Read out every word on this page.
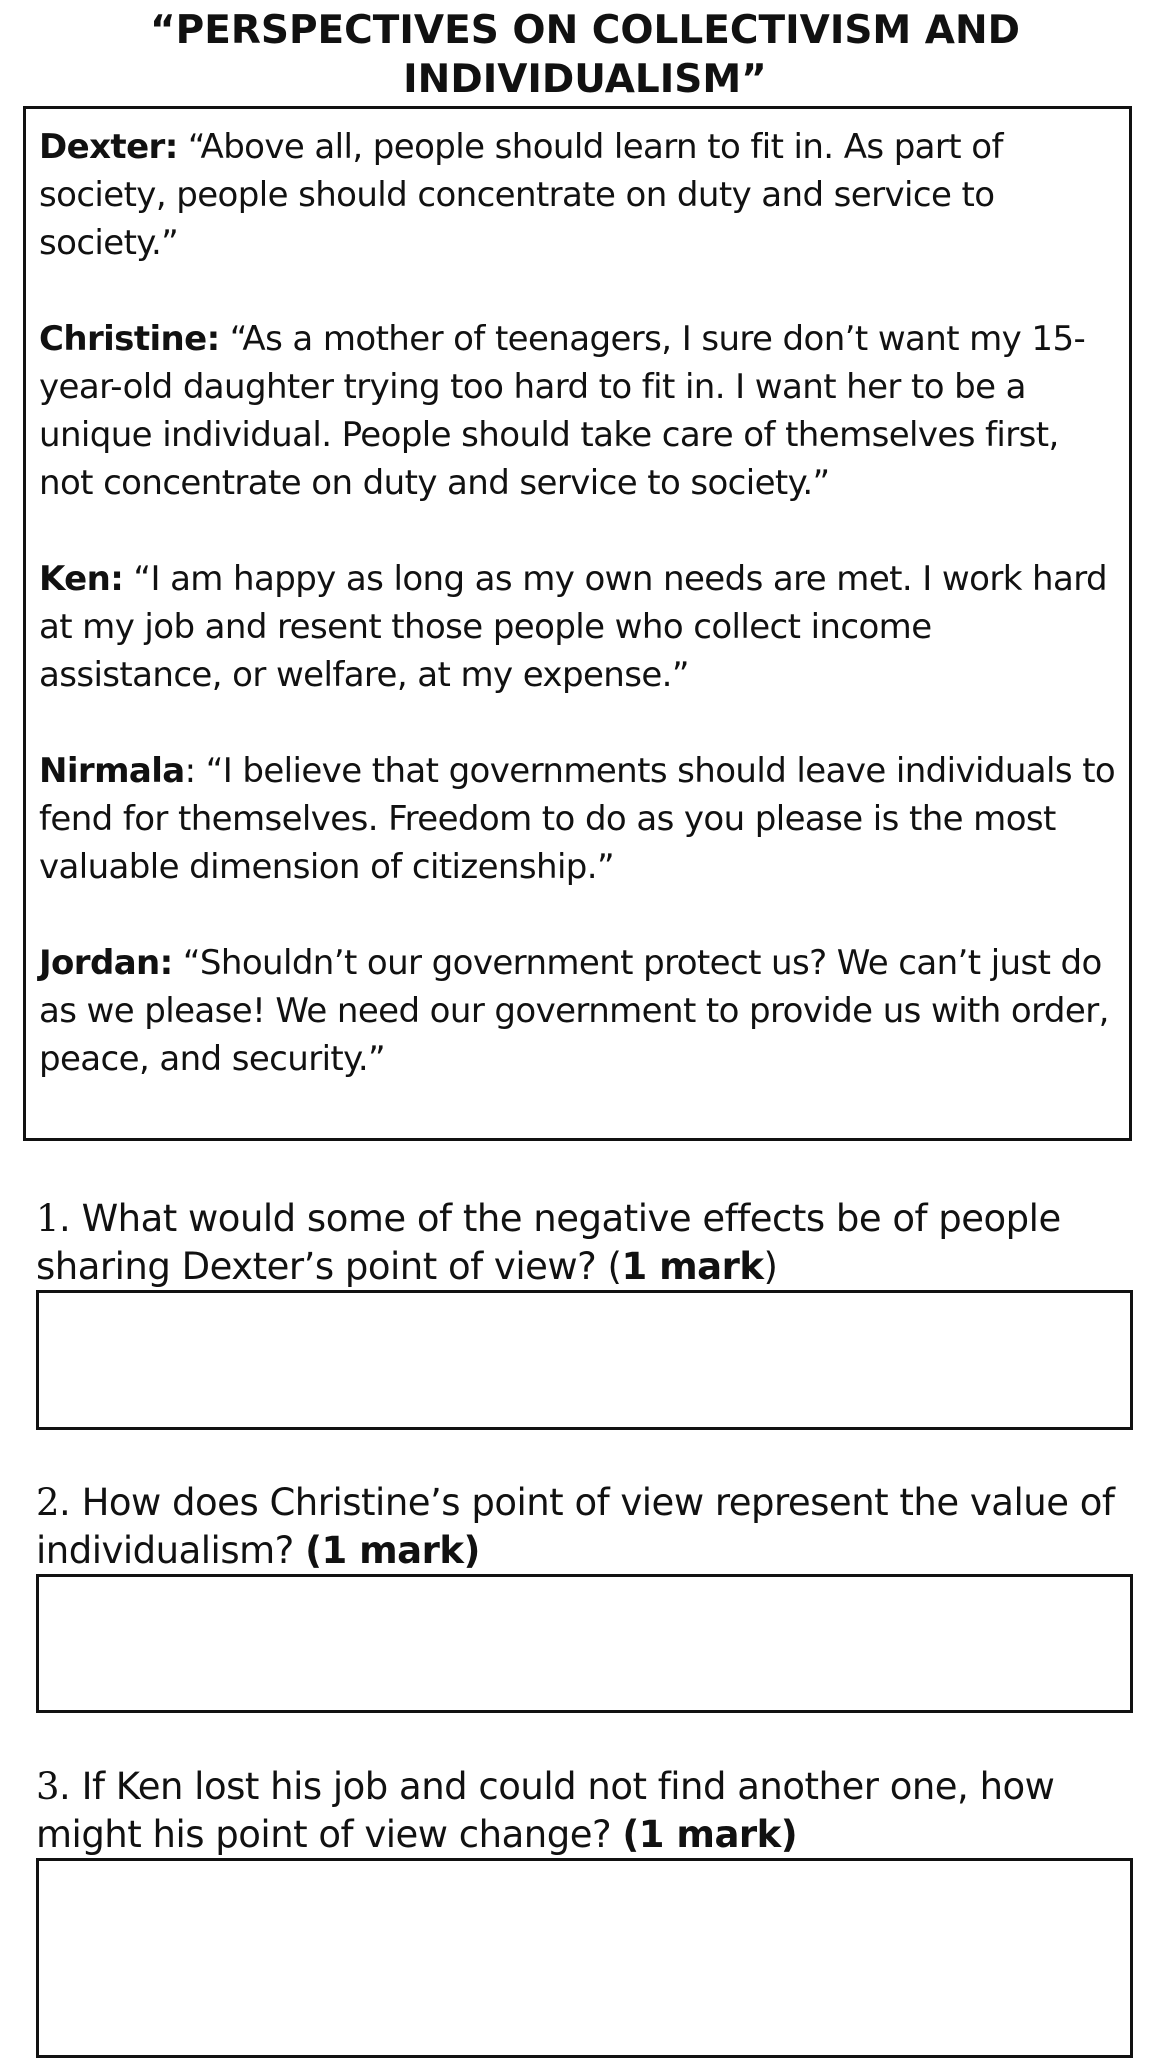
“PERSPECTIVES ON COLLECTIVISM AND INDIVIDUALISM”

Dexter: “Above all, people should learn to fit in. As part of society, people should concentrate on duty and service to society.”

Christine: “As a mother of teenagers, I sure don’t want my 15-year-old daughter trying too hard to fit in. I want her to be a unique individual. People should take care of themselves first, not concentrate on duty and service to society.”

Ken: “I am happy as long as my own needs are met. I work hard at my job and resent those people who collect income assistance, or welfare, at my expense.”

Nirmala: “I believe that governments should leave individuals to fend for themselves. Freedom to do as you please is the most valuable dimension of citizenship.”

Jordan: “Shouldn’t our government protect us? We can’t just do as we please! We need our government to provide us with order, peace, and security.”

1. What would some of the negative effects be of people sharing Dexter’s point of view? (1 mark)
2. How does Christine’s point of view represent the value of individualism? (1 mark)
3. If Ken lost his job and could not find another one, how might his point of view change? (1 mark)
